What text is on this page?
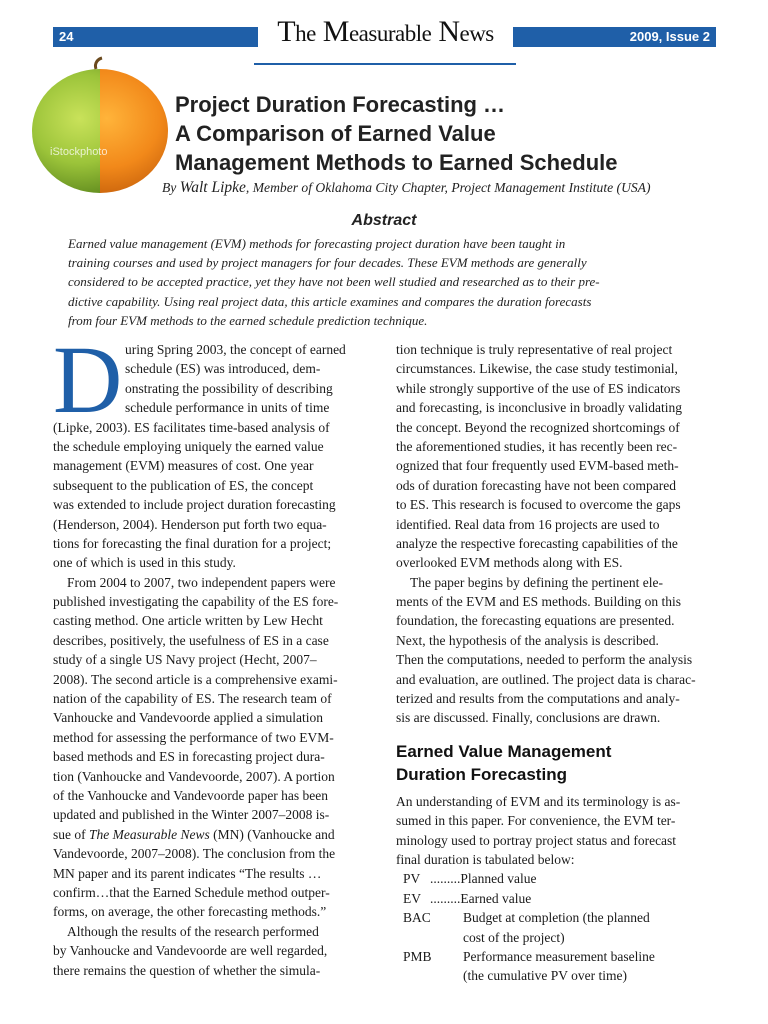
24	The Measurable News	2009, Issue 2
iStockphoto
Project Duration Forecasting …
A Comparison of Earned Value
Management Methods to Earned Schedule
By Walt Lipke, Member of Oklahoma City Chapter, Project Management Institute (USA)
Abstract
Earned value management (EVM) methods for forecasting project duration have been taught in
training courses and used by project managers for four decades. These EVM methods are generally
considered to be accepted practice, yet they have not been well studied and researched as to their pre-
dictive capability. Using real project data, this article examines and compares the duration forecasts
from four EVM methods to the earned schedule prediction technique.
D uring Spring 2003, the concept of earned
schedule (ES) was introduced, dem-
onstrating the possibility of describing
schedule performance in units of time
(Lipke, 2003). ES facilitates time-based analysis of
the schedule employing uniquely the earned value
management (EVM) measures of cost. One year
subsequent to the publication of ES, the concept
was extended to include project duration forecasting
(Henderson, 2004). Henderson put forth two equa-
tions for forecasting the final duration for a project;
one of which is used in this study.
From 2004 to 2007, two independent papers were
published investigating the capability of the ES fore-
casting method. One article written by Lew Hecht
describes, positively, the usefulness of ES in a case
study of a single US Navy project (Hecht, 2007–
2008). The second article is a comprehensive exami-
nation of the capability of ES. The research team of
Vanhoucke and Vandevoorde applied a simulation
method for assessing the performance of two EVM-
based methods and ES in forecasting project dura-
tion (Vanhoucke and Vandevoorde, 2007). A portion
of the Vanhoucke and Vandevoorde paper has been
updated and published in the Winter 2007–2008 is-
sue of The Measurable News (MN) (Vanhoucke and
Vandevoorde, 2007–2008). The conclusion from the
MN paper and its parent indicates “The results …
confirm…that the Earned Schedule method outper-
forms, on average, the other forecasting methods.”
Although the results of the research performed
by Vanhoucke and Vandevoorde are well regarded,
there remains the question of whether the simula-
tion technique is truly representative of real project
circumstances. Likewise, the case study testimonial,
while strongly supportive of the use of ES indicators
and forecasting, is inconclusive in broadly validating
the concept. Beyond the recognized shortcomings of
the aforementioned studies, it has recently been rec-
ognized that four frequently used EVM-based meth-
ods of duration forecasting have not been compared
to ES. This research is focused to overcome the gaps
identified. Real data from 16 projects are used to
analyze the respective forecasting capabilities of the
overlooked EVM methods along with ES.
The paper begins by defining the pertinent ele-
ments of the EVM and ES methods. Building on this
foundation, the forecasting equations are presented.
Next, the hypothesis of the analysis is described.
Then the computations, needed to perform the analysis
and evaluation, are outlined. The project data is charac-
terized and results from the computations and analy-
sis are discussed. Finally, conclusions are drawn.
Earned Value Management
Duration Forecasting
An understanding of EVM and its terminology is as-
sumed in this paper. For convenience, the EVM ter-
minology used to portray project status and forecast
final duration is tabulated below:
PV .........Planned value
EV .........Earned value
BAC	Budget at completion (the planned
cost of the project)
PMB	Performance measurement baseline
(the cumulative PV over time)
